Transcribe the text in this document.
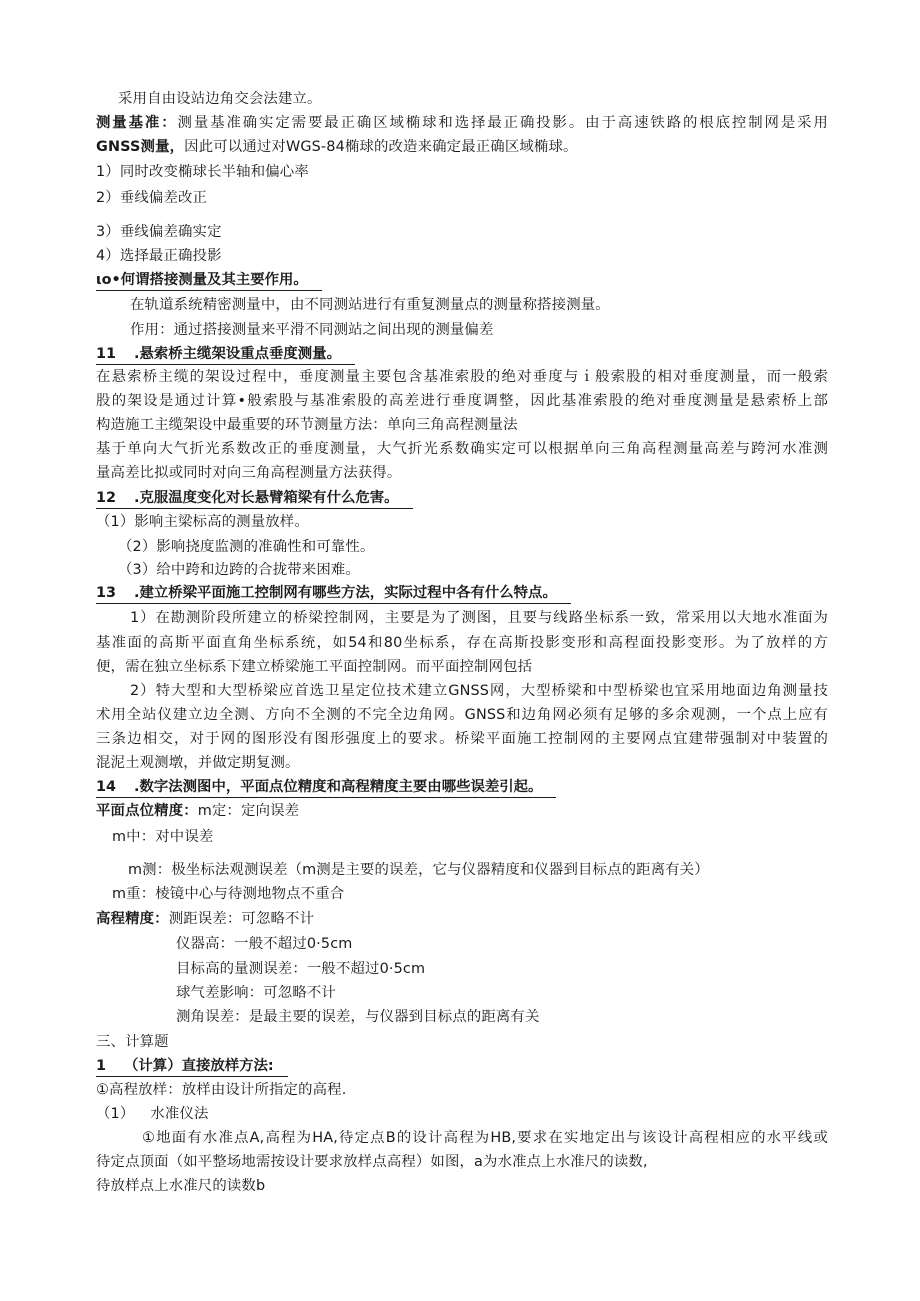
采用自由设站边角交会法建立。
测量基准：测量基准确实定需要最正确区域椭球和选择最正确投影。由于高速铁路的根底控制网是采用
GNSS测量，因此可以通过对WGS-84椭球的改造来确定最正确区域椭球。
1）同时改变椭球长半轴和偏心率
2）垂线偏差改正
3）垂线偏差确实定
4）选择最正确投影
ιo•何谓搭接测量及其主要作用。
在轨道系统精密测量中，由不同测站进行有重复测量点的测量称搭接测量。
作用：通过搭接测量来平滑不同测站之间出现的测量偏差
11 .悬索桥主缆架设重点垂度测量。
在悬索桥主缆的架设过程中，垂度测量主要包含基准索股的绝对垂度与ｉ般索股的相对垂度测量，而一般索
股的架设是通过计算•般索股与基准索股的高差进行垂度调整，因此基准索股的绝对垂度测量是悬索桥上部
构造施工主缆架设中最重要的环节测量方法：单向三角高程测量法
基于单向大气折光系数改正的垂度测量，大气折光系数确实定可以根据单向三角高程测量高差与跨河水准测
量高差比拟或同时对向三角高程测量方法获得。
12 .克服温度变化对长悬臂箱梁有什么危害。
（1）影响主梁标高的测量放样。
（2）影响挠度监测的准确性和可靠性。
（3）给中跨和边跨的合拢带来困难。
13 .建立桥梁平面施工控制网有哪些方法，实际过程中各有什么特点。
1）在勘测阶段所建立的桥梁控制网，主要是为了测图，且要与线路坐标系一致，常采用以大地水准面为
基准面的高斯平面直角坐标系统，如54和80坐标系，存在高斯投影变形和高程面投影变形。为了放样的方
便，需在独立坐标系下建立桥梁施工平面控制网。而平面控制网包括
2）特大型和大型桥梁应首选卫星定位技术建立GNSS网，大型桥梁和中型桥梁也宜采用地面边角测量技
术用全站仪建立边全测、方向不全测的不完全边角网。GNSS和边角网必须有足够的多余观测，一个点上应有
三条边相交，对于网的图形没有图形强度上的要求。桥梁平面施工控制网的主要网点宜建带强制对中装置的
混泥土观测墩，并做定期复测。
14 .数字法测图中，平面点位精度和高程精度主要由哪些误差引起。
平面点位精度：m定：定向误差
m中：对中误差
m测：极坐标法观测误差（m测是主要的误差，它与仪器精度和仪器到目标点的距离有关）
m重：棱镜中心与待测地物点不重合
高程精度：测距误差：可忽略不计
仪器高：一般不超过0·5cm
目标高的量测误差：一般不超过0·5cm
球气差影响：可忽略不计
测角误差：是最主要的误差，与仪器到目标点的距离有关
三、计算题
1 （计算）直接放样方法:
①高程放样：放样由设计所指定的高程.
（1） 水准仪法
①地面有水准点A,高程为HA,待定点B的设计高程为HB,要求在实地定出与该设计高程相应的水平线或
待定点顶面（如平整场地需按设计要求放样点高程）如图，a为水准点上水准尺的读数,
待放样点上水准尺的读数b
